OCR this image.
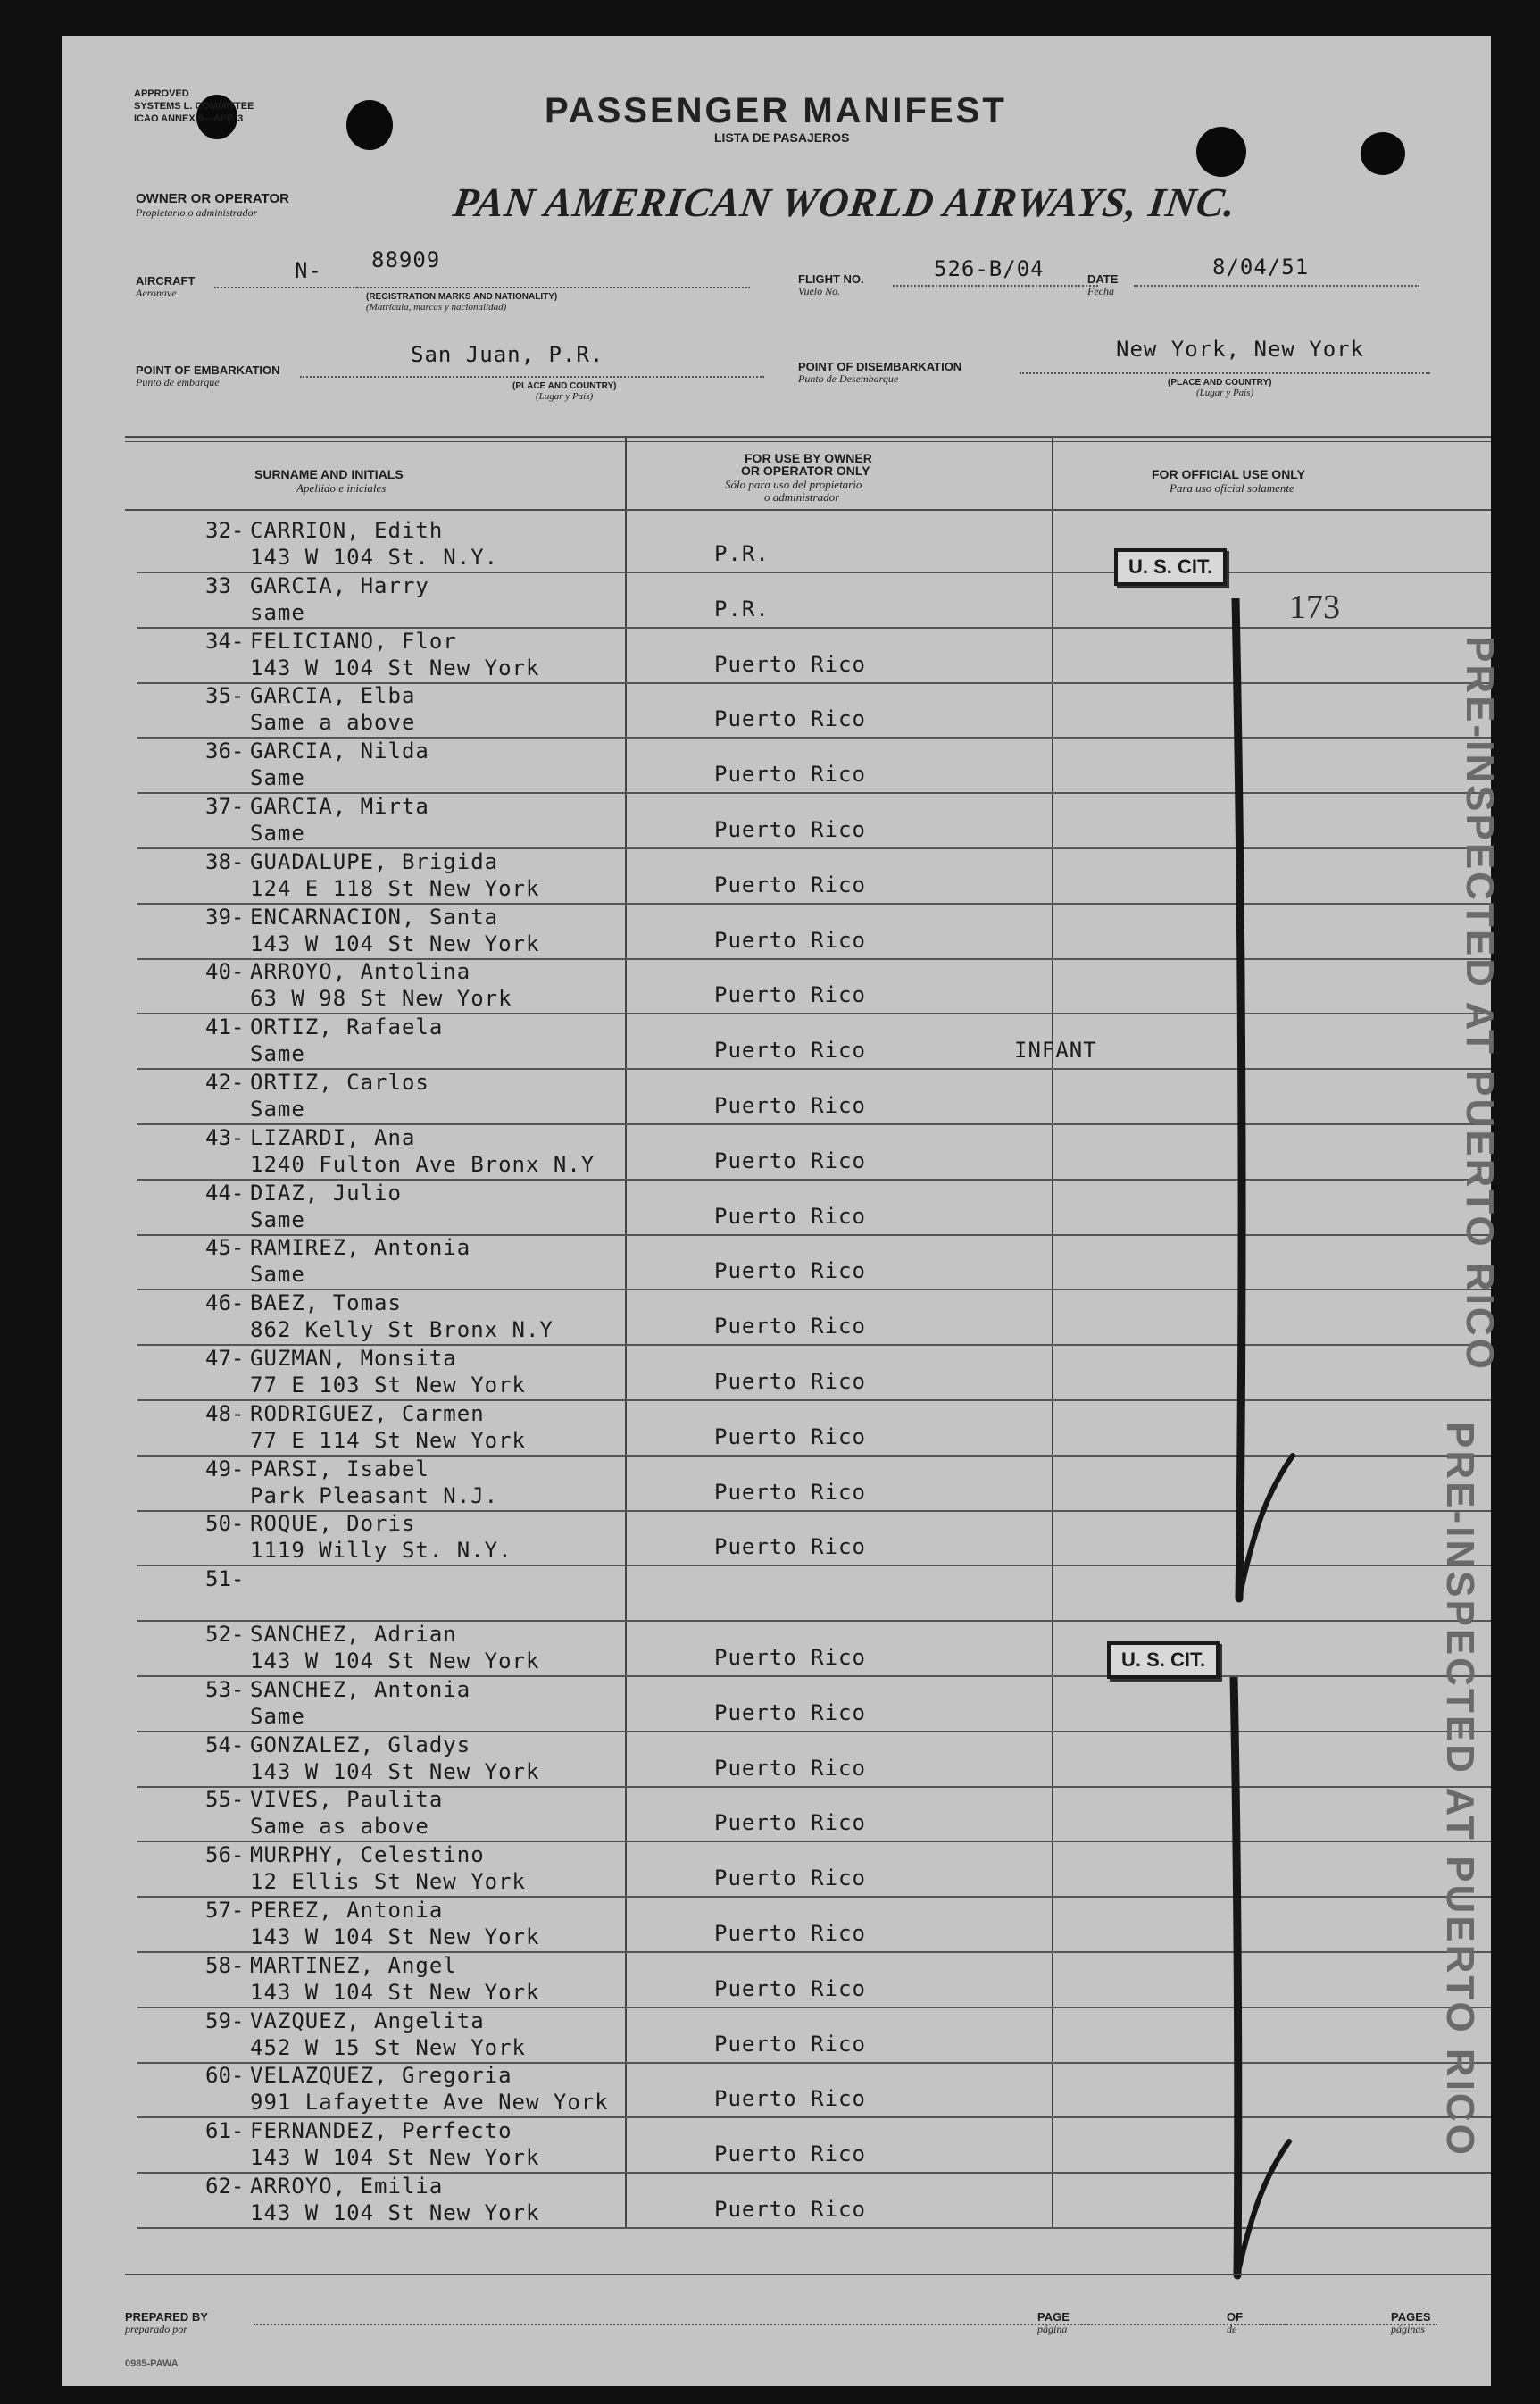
APPROVED
SYSTEMS L. COMMITTEE
ICAO ANNEX 9—APP. 3	PASSENGER MANIFEST
LISTA DE PASAJEROS
OWNER OR OPERATOR
Propietario o administrador	PAN AMERICAN WORLD AIRWAYS, INC.
AIRCRAFT
Aeronave
N- 88909
(REGISTRATION MARKS AND NATIONALITY)
(Matrícula, marcas y nacionalidad)
FLIGHT NO.
Vuelo No.
526-B/04	DATE
Fecha
8/04/51
POINT OF EMBARKATION
Punto de embarque
San Juan, P.R.
(PLACE AND COUNTRY)
(Lugar y País)
POINT OF DISEMBARKATION
Punto de Desembarque
New York, New York
(PLACE AND COUNTRY)
(Lugar y País)
SURNAME AND INITIALS
Apellido e iniciales
FOR USE BY OWNER
OR OPERATOR ONLY
Sólo para uso del propietario
o administrador
FOR OFFICIAL USE ONLY
Para uso oficial solamente
32- CARRION, Edith
143 W 104 St. N.Y.	P.R.
33 GARCIA, Harry
same	P.R.
34- FELICIANO, Flor
143 W 104 St New York	Puerto Rico
35- GARCIA, Elba
Same a above	Puerto Rico
36- GARCIA, Nilda
Same	Puerto Rico
37- GARCIA, Mirta
Same	Puerto Rico
38- GUADALUPE, Brigida
124 E 118 St New York	Puerto Rico
39- ENCARNACION, Santa
143 W 104 St New York	Puerto Rico
40- ARROYO, Antolina
63 W 98 St New York	Puerto Rico
41- ORTIZ, Rafaela
Same	Puerto Rico	INFANT
42- ORTIZ, Carlos
Same	Puerto Rico
43- LIZARDI, Ana
1240 Fulton Ave Bronx N.Y	Puerto Rico
44- DIAZ, Julio
Same	Puerto Rico
45- RAMIREZ, Antonia
Same	Puerto Rico
46- BAEZ, Tomas
862 Kelly St Bronx N.Y	Puerto Rico
47- GUZMAN, Monsita
77 E 103 St New York	Puerto Rico
48- RODRIGUEZ, Carmen
77 E 114 St New York	Puerto Rico
49- PARSI, Isabel
Park Pleasant N.J.	Puerto Rico
50- ROQUE, Doris
1119 Willy St. N.Y.	Puerto Rico
51-
52- SANCHEZ, Adrian
143 W 104 St New York	Puerto Rico
53- SANCHEZ, Antonia
Same	Puerto Rico
54- GONZALEZ, Gladys
143 W 104 St New York	Puerto Rico
55- VIVES, Paulita
Same as above	Puerto Rico
56- MURPHY, Celestino
12 Ellis St New York	Puerto Rico
57- PEREZ, Antonia
143 W 104 St New York	Puerto Rico
58- MARTINEZ, Angel
143 W 104 St New York	Puerto Rico
59- VAZQUEZ, Angelita
452 W 15 St New York	Puerto Rico
60- VELAZQUEZ, Gregoria
991 Lafayette Ave New York	Puerto Rico
61- FERNANDEZ, Perfecto
143 W 104 St New York	Puerto Rico
62- ARROYO, Emilia
143 W 104 St New York	Puerto Rico
U. S. CIT.
U. S. CIT.
173
PRE-INSPECTED AT PUERTO RICO
PRE-INSPECTED AT PUERTO RICO
PREPARED BY
preparado por
PAGE
página
OF
de
PAGES
páginas
0985-PAWA
